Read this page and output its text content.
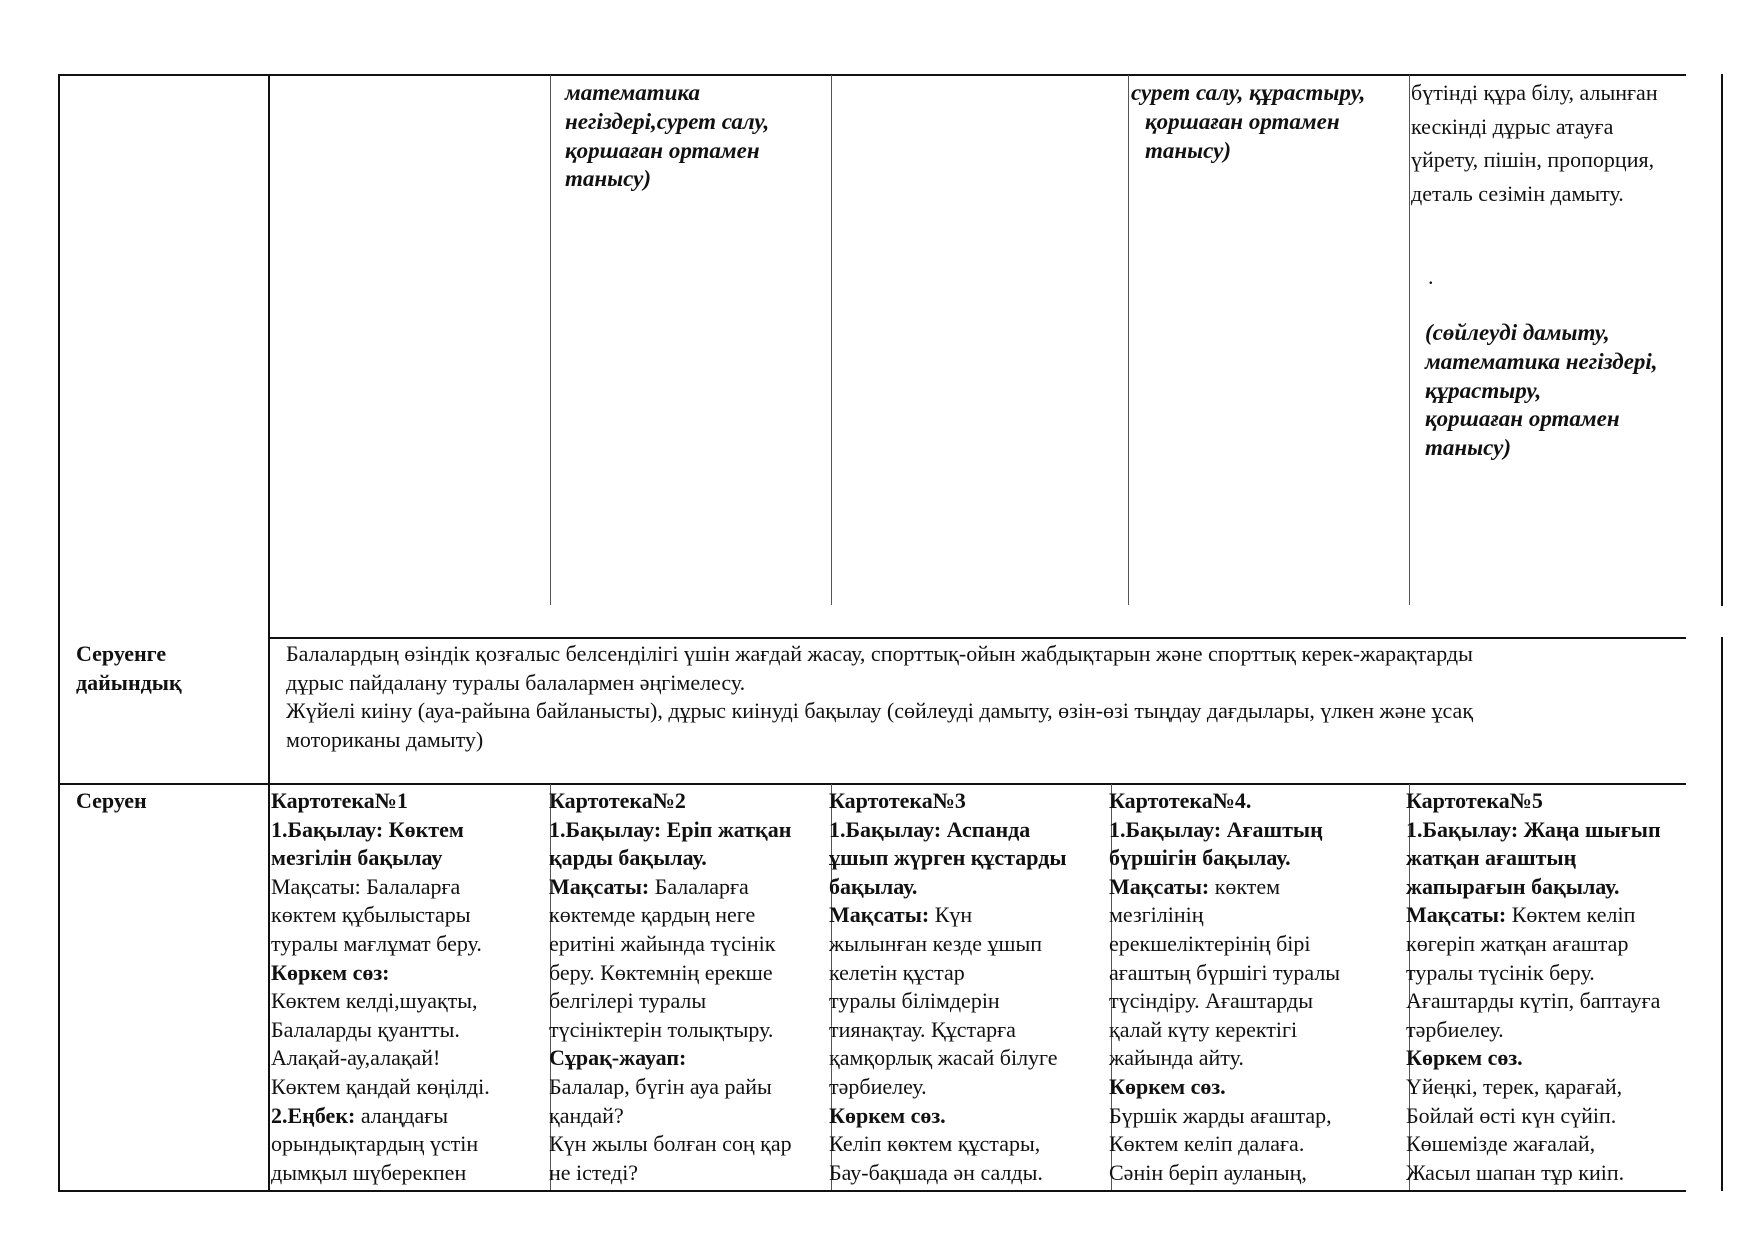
математика
негіздері,сурет салу,
қоршаған ортамен
танысу)
сурет салу, құрастыру,
қоршаған ортамен
танысу)
бүтінді құра білу, алынған
кескінді дұрыс атауға
үйрету, пішін, пропорция,
деталь сезімін дамыту.
.
(сөйлеуді дамыту,
математика негіздері,
құрастыру,
қоршаған ортамен
танысу)
Серуенге
дайындық
Балалардың өзіндік қозғалыс белсенділігі үшін жағдай жасау, спорттық-ойын жабдықтарын және спорттық керек-жарақтарды
дұрыс пайдалану туралы балалармен әңгімелесу.
Жүйелі киіну (ауа-райына байланысты), дұрыс киінуді бақылау (сөйлеуді дамыту, өзін-өзі тыңдау дағдылары, үлкен және ұсақ
моториканы дамыту)
Серуен	Картотека№1
1.Бақылау: Көктем
мезгілін бақылау
Мақсаты: Балаларға
көктем құбылыстары
туралы мағлұмат беру.
Көркем сөз:
Көктем келді,шуақты,
Балаларды қуантты.
Алақай-ау,алақай!
Көктем қандай көңілді.
2.Еңбек: алаңдағы
орындықтардың үстін
дымқыл шүберекпен
Картотека№2
1.Бақылау: Еріп жатқан
қарды бақылау.
Мақсаты: Балаларға
көктемде қардың неге
еритіні жайында түсінік
беру. Көктемнің ерекше
белгілері туралы
түсініктерін толықтыру.
Сұрақ-жауап:
Балалар, бүгін ауа райы
қандай?
Күн жылы болған соң қар
не істеді?
Картотека№3
1.Бақылау: Аспанда
ұшып жүрген құстарды
бақылау.
Мақсаты: Күн
жылынған кезде ұшып
келетін құстар
туралы білімдерін
тиянақтау. Құстарға
қамқорлық жасай білуге
тәрбиелеу.
Көркем сөз.
Келіп көктем құстары,
Бау-бақшада ән салды.
Картотека№4.
1.Бақылау: Ағаштың
бүршігін бақылау.
Мақсаты: көктем
мезгілінің
ерекшеліктерінің бірі
ағаштың бүршігі туралы
түсіндіру. Ағаштарды
қалай күту керектігі
жайында айту.
Көркем сөз.
Бүршік жарды ағаштар,
Көктем келіп далаға.
Сәнін беріп ауланың,
Картотека№5
1.Бақылау: Жаңа шығып
жатқан ағаштың
жапырағын бақылау.
Мақсаты: Көктем келіп
көгеріп жатқан ағаштар
туралы түсінік беру.
Ағаштарды күтіп, баптауға
тәрбиелеу.
Көркем сөз.
Үйеңкі, терек, қарағай,
Бойлай өсті күн сүйіп.
Көшемізде жағалай,
Жасыл шапан тұр киіп.
